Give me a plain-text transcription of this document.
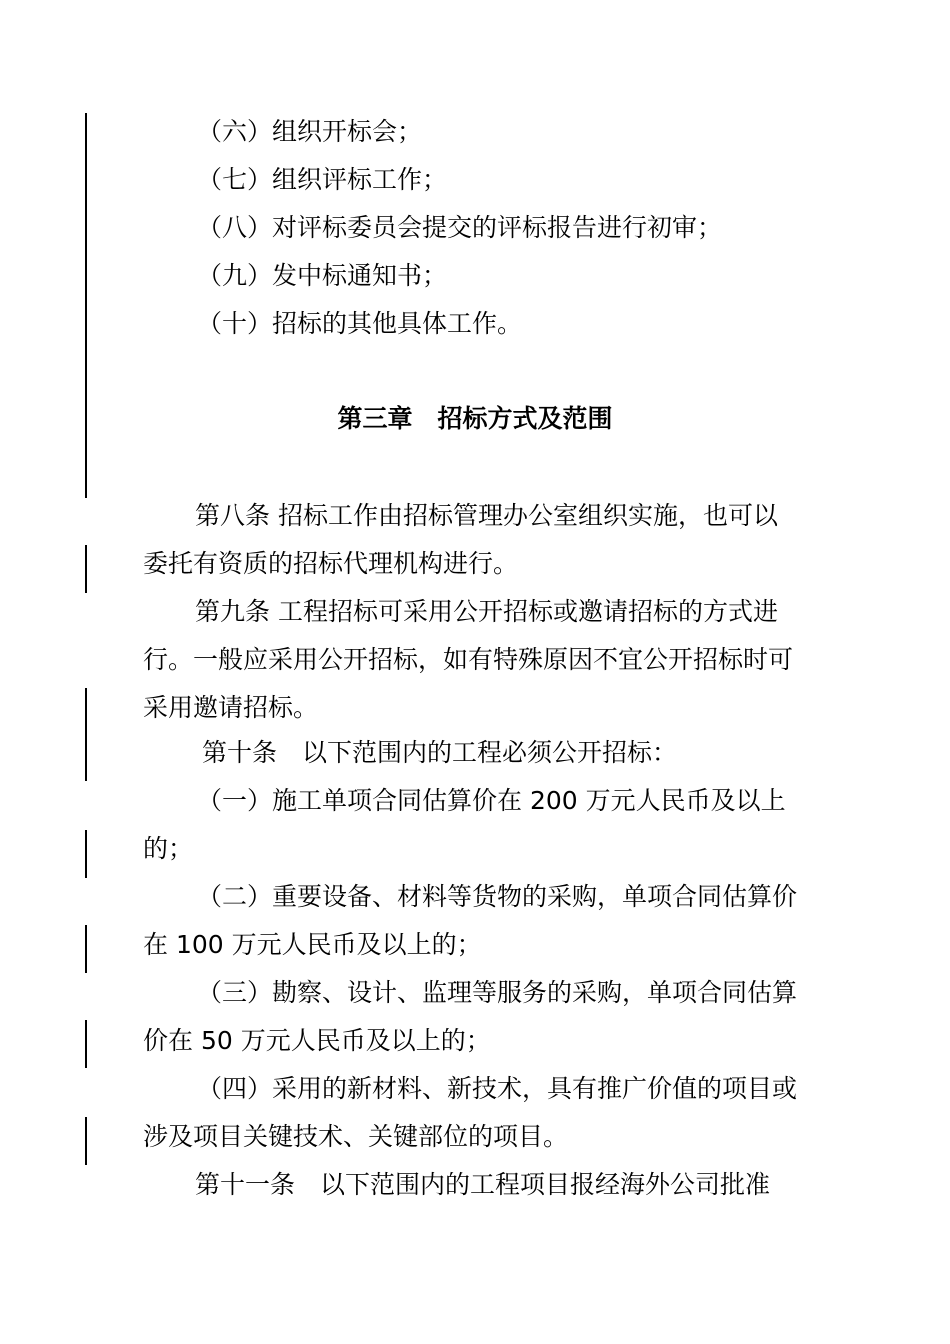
（六）组织开标会；
（七）组织评标工作；
（八）对评标委员会提交的评标报告进行初审；
（九）发中标通知书；
（十）招标的其他具体工作。
第三章　招标方式及范围
第八条 招标工作由招标管理办公室组织实施，也可以
委托有资质的招标代理机构进行。
第九条 工程招标可采用公开招标或邀请招标的方式进
行。一般应采用公开招标，如有特殊原因不宜公开招标时可
采用邀请招标。
第十条　以下范围内的工程必须公开招标：
（一）施工单项合同估算价在 200 万元人民币及以上
的；
（二）重要设备、材料等货物的采购，单项合同估算价
在 100 万元人民币及以上的；
（三）勘察、设计、监理等服务的采购，单项合同估算
价在 50 万元人民币及以上的；
（四）采用的新材料、新技术，具有推广价值的项目或
涉及项目关键技术、关键部位的项目。
第十一条　以下范围内的工程项目报经海外公司批准
